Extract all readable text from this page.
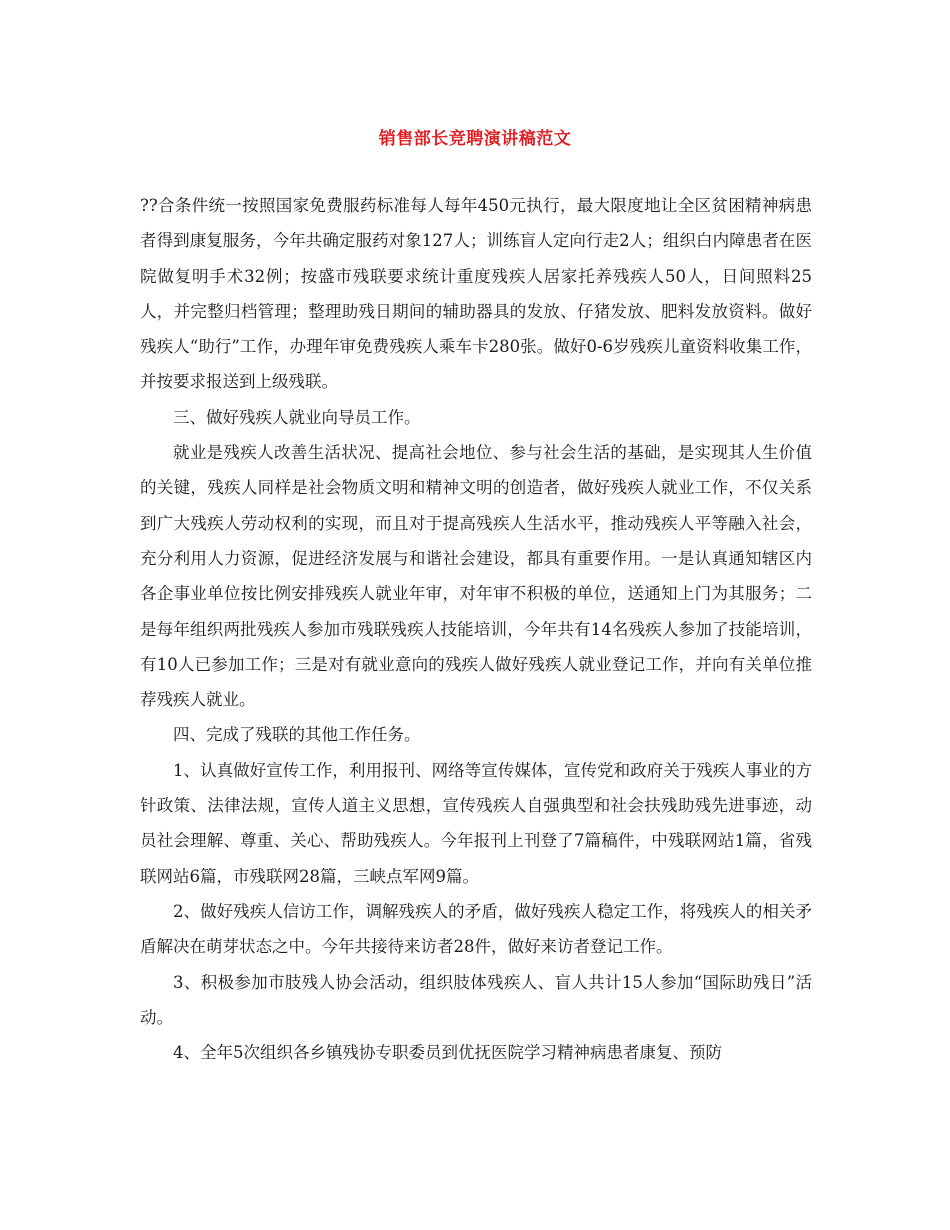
销售部长竞聘演讲稿范文

??合条件统一按照国家免费服药标准每人每年450元执行，最大限度地让全区贫困精神病患者得到康复服务，今年共确定服药对象127人；训练盲人定向行走2人；组织白内障患者在医院做复明手术32例；按盛市残联要求统计重度残疾人居家托养残疾人50人，日间照料25人，并完整归档管理；整理助残日期间的辅助器具的发放、仔猪发放、肥料发放资料。做好残疾人“助行”工作，办理年审免费残疾人乘车卡280张。做好0-6岁残疾儿童资料收集工作，并按要求报送到上级残联。

三、做好残疾人就业向导员工作。

就业是残疾人改善生活状况、提高社会地位、参与社会生活的基础，是实现其人生价值的关键，残疾人同样是社会物质文明和精神文明的创造者，做好残疾人就业工作，不仅关系到广大残疾人劳动权利的实现，而且对于提高残疾人生活水平，推动残疾人平等融入社会，充分利用人力资源，促进经济发展与和谐社会建设，都具有重要作用。一是认真通知辖区内各企事业单位按比例安排残疾人就业年审，对年审不积极的单位，送通知上门为其服务；二是每年组织两批残疾人参加市残联残疾人技能培训，今年共有14名残疾人参加了技能培训，有10人已参加工作；三是对有就业意向的残疾人做好残疾人就业登记工作，并向有关单位推荐残疾人就业。

四、完成了残联的其他工作任务。

1、认真做好宣传工作，利用报刊、网络等宣传媒体，宣传党和政府关于残疾人事业的方针政策、法律法规，宣传人道主义思想，宣传残疾人自强典型和社会扶残助残先进事迹，动员社会理解、尊重、关心、帮助残疾人。今年报刊上刊登了7篇稿件，中残联网站1篇，省残联网站6篇，市残联网28篇，三峡点军网9篇。

2、做好残疾人信访工作，调解残疾人的矛盾，做好残疾人稳定工作，将残疾人的相关矛盾解决在萌芽状态之中。今年共接待来访者28件，做好来访者登记工作。

3、积极参加市肢残人协会活动，组织肢体残疾人、盲人共计15人参加“国际助残日”活动。

4、全年5次组织各乡镇残协专职委员到优抚医院学习精神病患者康复、预防
